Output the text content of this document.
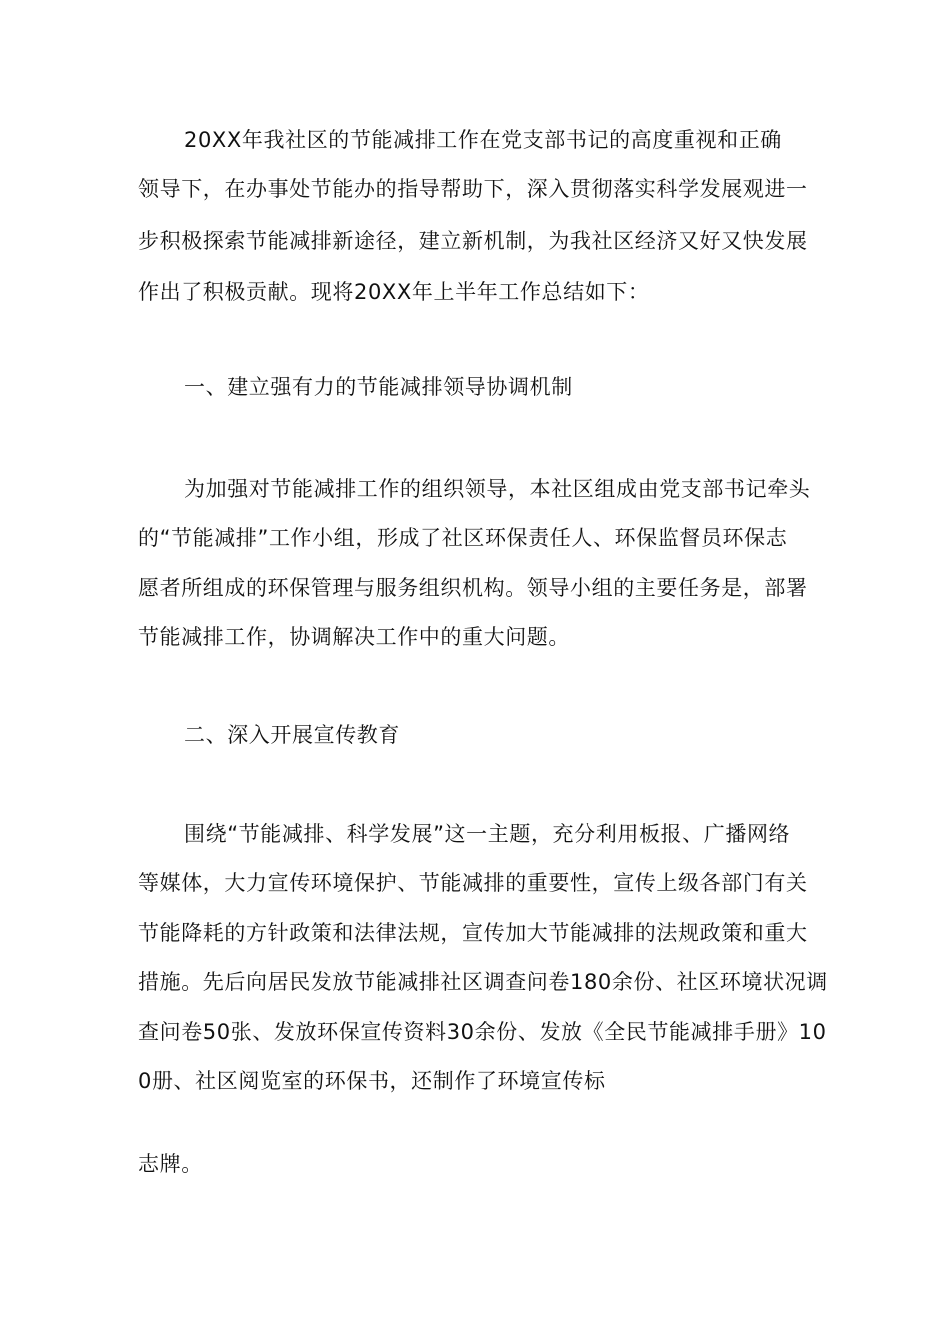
20XX年我社区的节能减排工作在党支部书记的高度重视和正确
领导下，在办事处节能办的指导帮助下，深入贯彻落实科学发展观进一
步积极探索节能减排新途径，建立新机制，为我社区经济又好又快发展
作出了积极贡献。现将20XX年上半年工作总结如下：
一、建立强有力的节能减排领导协调机制
为加强对节能减排工作的组织领导，本社区组成由党支部书记牵头
的“节能减排”工作小组，形成了社区环保责任人、环保监督员环保志
愿者所组成的环保管理与服务组织机构。领导小组的主要任务是，部署
节能减排工作，协调解决工作中的重大问题。
二、深入开展宣传教育
围绕“节能减排、科学发展”这一主题，充分利用板报、广播网络
等媒体，大力宣传环境保护、节能减排的重要性，宣传上级各部门有关
节能降耗的方针政策和法律法规，宣传加大节能减排的法规政策和重大
措施。先后向居民发放节能减排社区调查问卷180余份、社区环境状况调
查问卷50张、发放环保宣传资料30余份、发放《全民节能减排手册》10
0册、社区阅览室的环保书，还制作了环境宣传标
志牌。
